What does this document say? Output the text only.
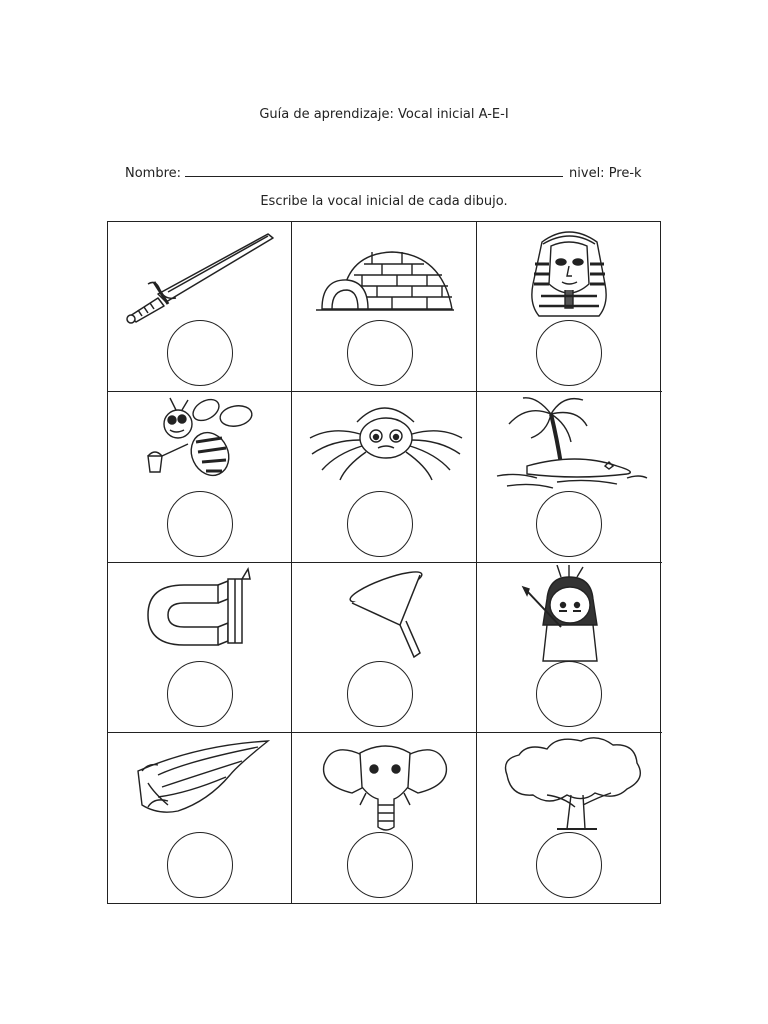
Guía de aprendizaje: Vocal inicial A-E-I
Nombre:	nivel: Pre-k
Escribe la vocal inicial de cada dibujo.
